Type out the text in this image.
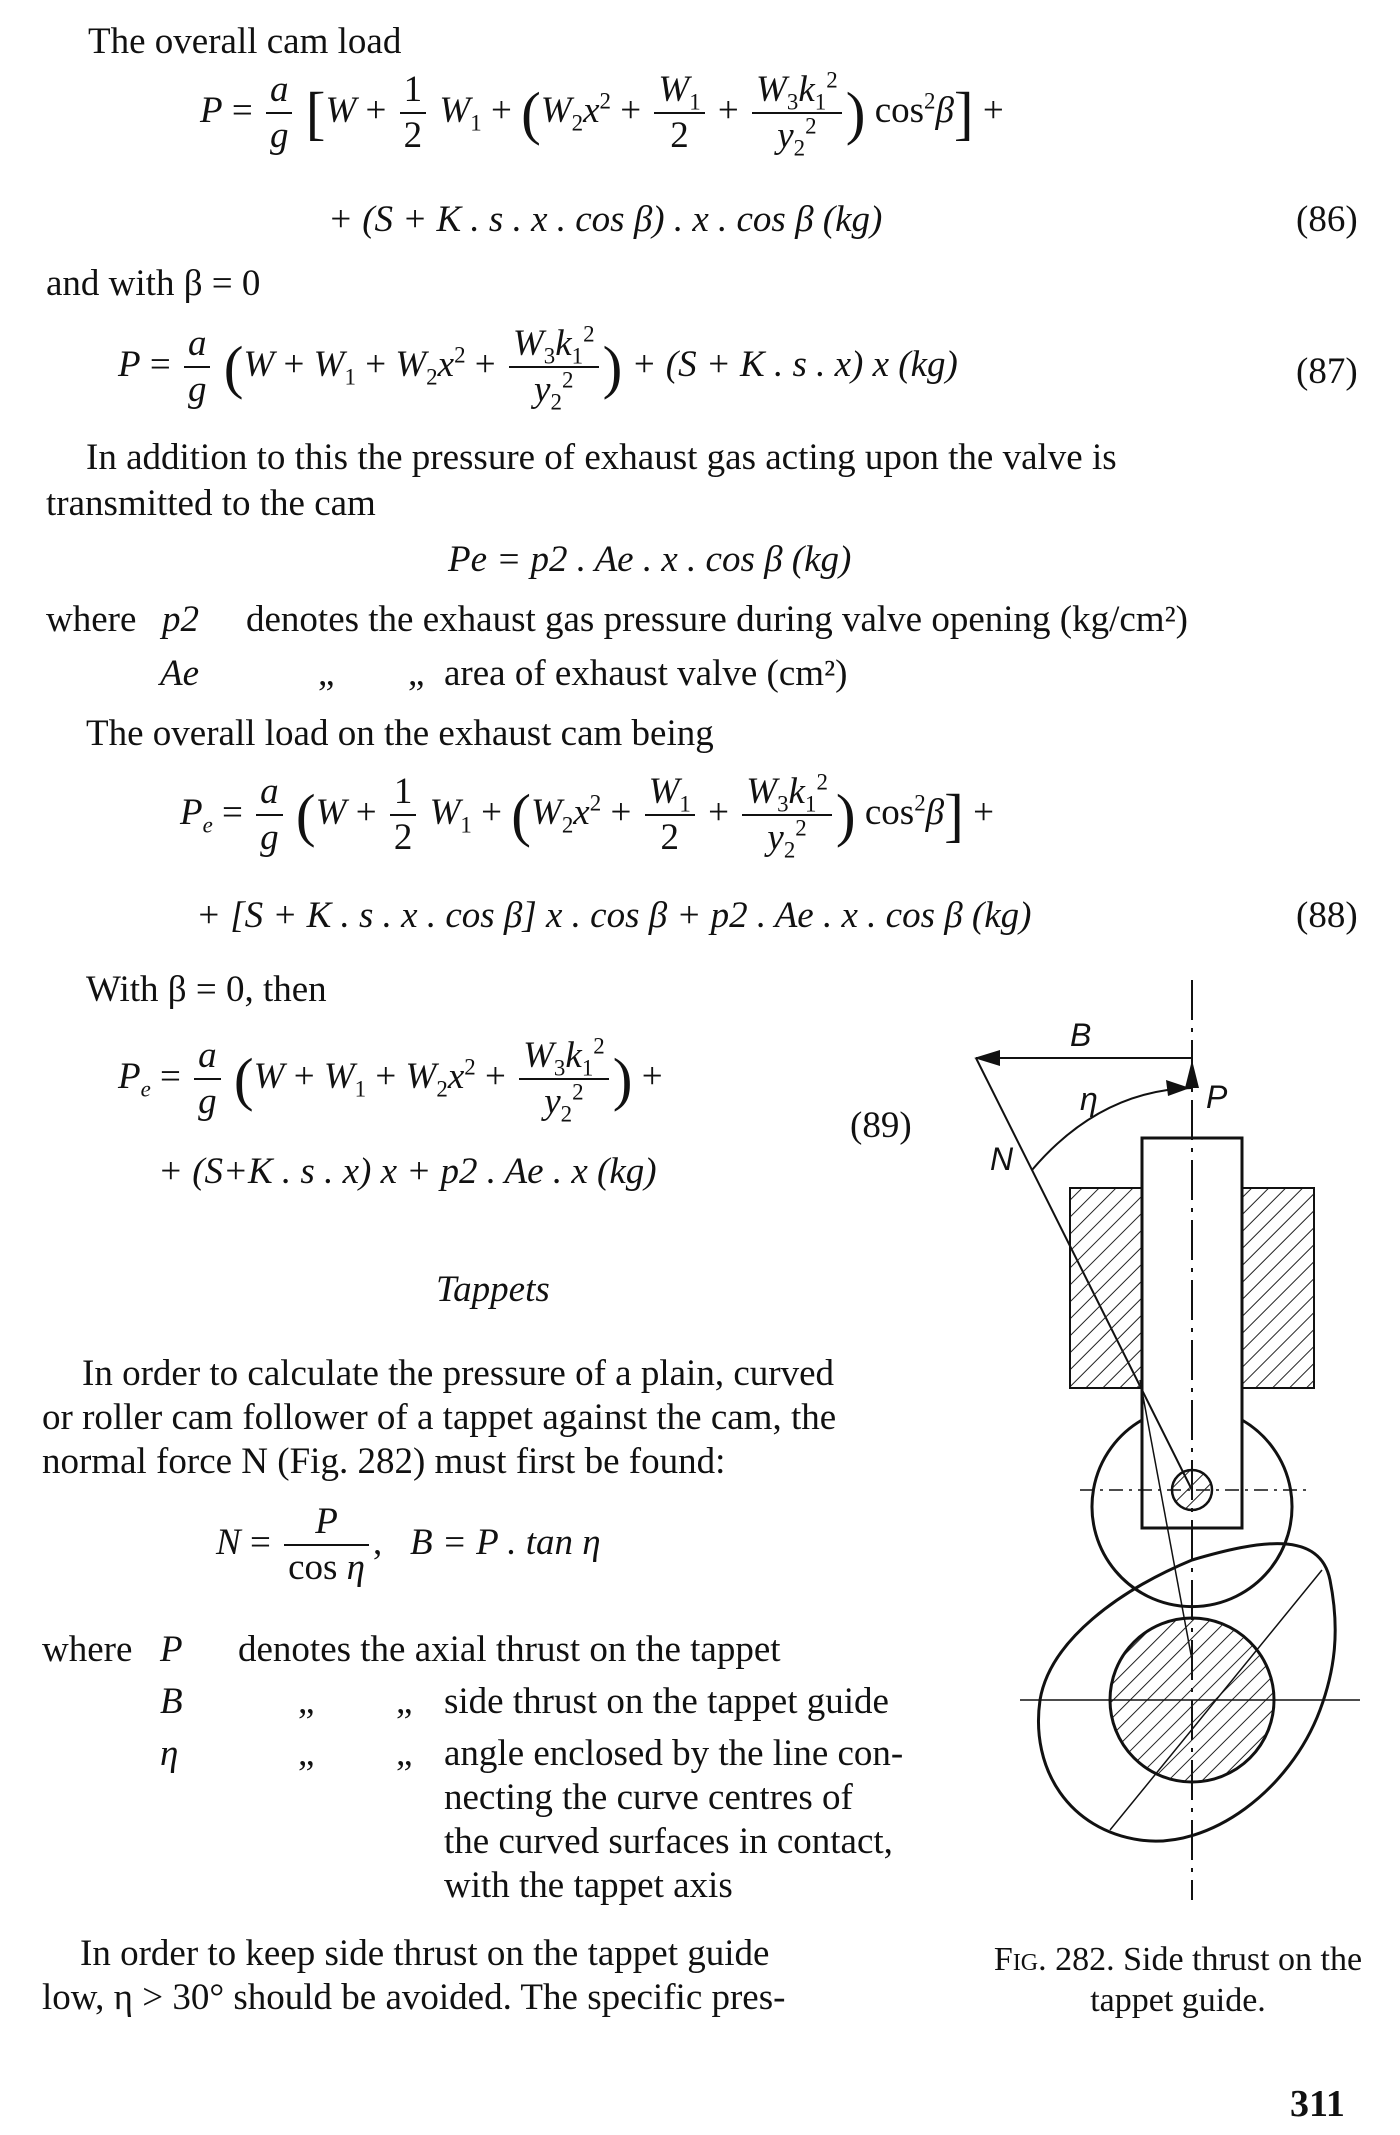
The overall cam load
$P = \frac{a}{g} [W + \frac{1}{2} W_1 + (W_2x^2 + \frac{W_1}{2} + \frac{W_3k_1^2}{y_2^2}$ ) $\cos^2\beta$] +
+ (S + K . s . x . cos β) . x . cos β (kg)	(86)
and with β = 0
$P = \frac{a}{g} (W + W_1 + W_2x^2 + \frac{W_3k_1^2}{y_2^2}$ ) + (S + K . s . x) x (kg)	(87)
In addition to this the pressure of exhaust gas acting upon the valve is
transmitted to the cam
Pe = p2 . Ae . x . cos β (kg)
where p2 denotes the exhaust gas pressure during valve opening (kg/cm²)
Ae	„ „ area of exhaust valve (cm²)
The overall load on the exhaust cam being
$P_e = \frac{a}{g} (W + \frac{1}{2} W_1 + (W_2x^2 + \frac{W_1}{2} + \frac{W_3k_1^2}{y_2^2}$ ) $\cos^2\beta$] +
+ [S + K . s . x . cos β] x . cos β + p2 . Ae . x . cos β (kg)	(88)
With β = 0, then
$P_e = \frac{a}{g} (W + W_1 + W_2x^2 + \frac{W_3k_1^2}{y_2^2}$ ) +
+ (S+K . s . x) x + p2 . Ae . x (kg)
(89)
Tappets
In order to calculate the pressure of a plain, curved
or roller cam follower of a tappet against the cam, the
normal force N (Fig. 282) must first be found:
$N = \frac{P}{\text{cos η}}$ ,   B = P . tan η
where P denotes the axial thrust on the tappet
B	„ „ side thrust on the tappet guide
η	„ „ angle enclosed by the line con-
necting the curve centres of
the curved surfaces in contact,
with the tappet axis
In order to keep side thrust on the tappet guide
low, η > 30° should be avoided. The specific pres-
B
η	P
N
Fig. 282. Side thrust on the tappet guide.
311
